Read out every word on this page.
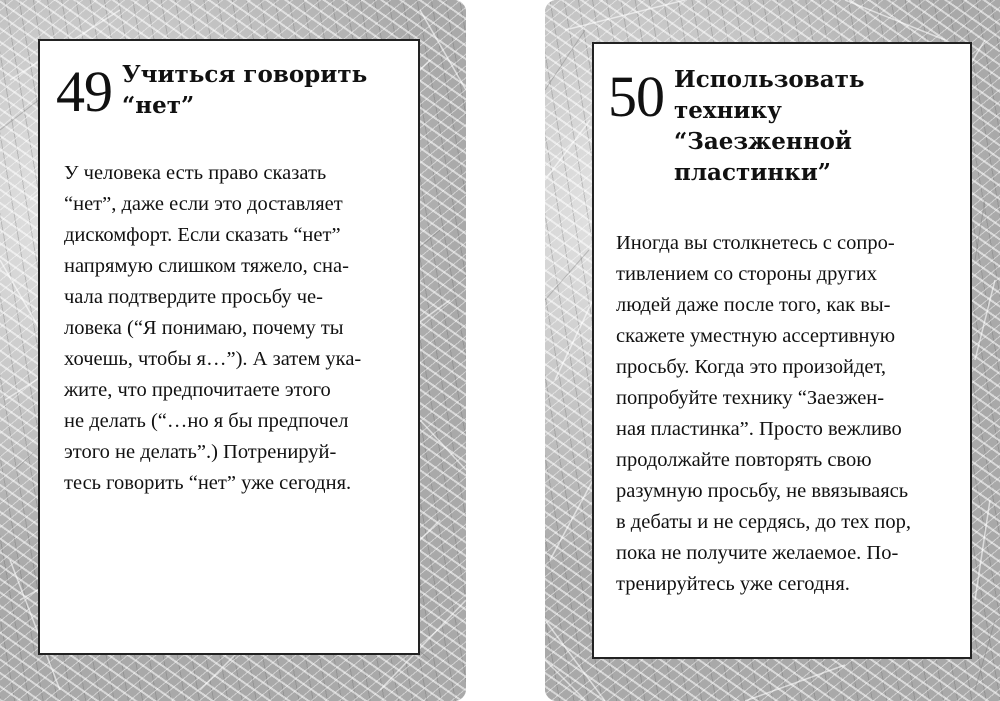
49 Учиться говорить
“нет”
У человека есть право сказать
“нет”, даже если это доставляет
дискомфорт. Если сказать “нет”
напрямую слишком тяжело, сна-
чала подтвердите просьбу че-
ловека (“Я понимаю, почему ты
хочешь, чтобы я…”). А затем ука-
жите, что предпочитаете этого
не делать (“…но я бы предпочел
этого не делать”.) Потренируй-
тесь говорить “нет” уже сегодня.
50 Использовать
технику
“Заезженной
пластинки”
Иногда вы столкнетесь с сопро-
тивлением со стороны других
людей даже после того, как вы-
скажете уместную ассертивную
просьбу. Когда это произойдет,
попробуйте технику “Заезжен-
ная пластинка”. Просто вежливо
продолжайте повторять свою
разумную просьбу, не ввязываясь
в дебаты и не сердясь, до тех пор,
пока не получите желаемое. По-
тренируйтесь уже сегодня.
